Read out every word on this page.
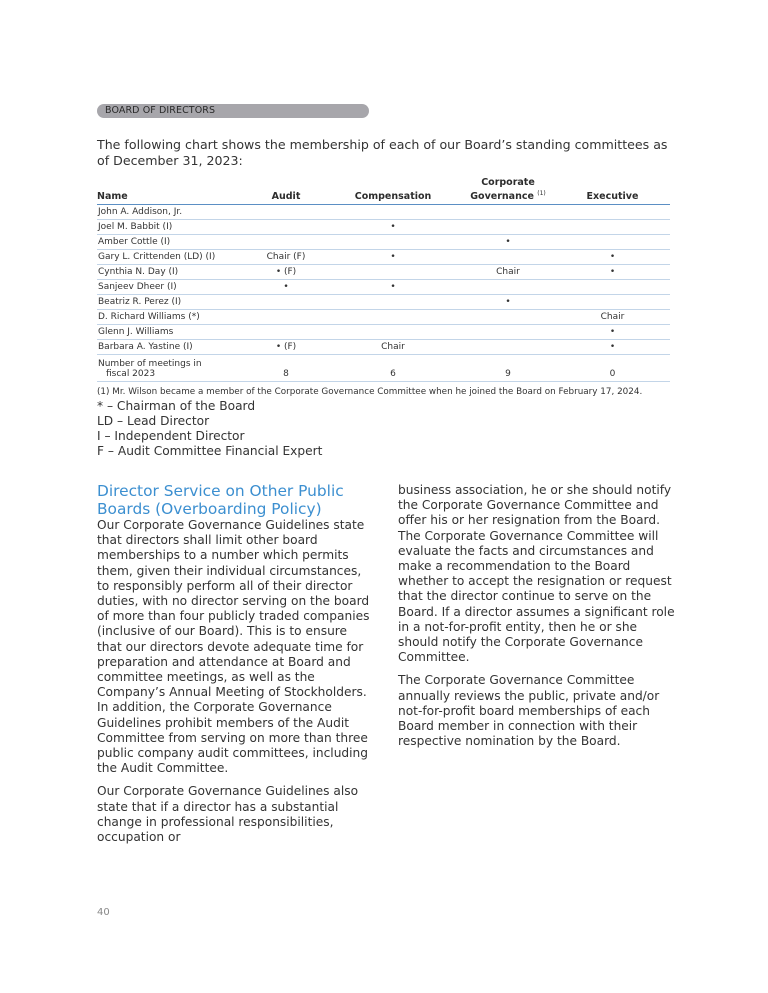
BOARD OF DIRECTORS
The following chart shows the membership of each of our Board’s standing committees as of December 31, 2023:
Name	Audit	Compensation	Corporate
Governance $^{(1)}$	Executive
John A. Addison, Jr.				
Joel M. Babbit (I)		•		
Amber Cottle (I)			•	
Gary L. Crittenden (LD) (I)	Chair (F)	•		•
Cynthia N. Day (I)	• (F)		Chair	•
Sanjeev Dheer (I)	•	•		
Beatriz R. Perez (I)			•	
D. Richard Williams (*)				Chair
Glenn J. Williams				•
Barbara A. Yastine (I)	• (F)	Chair		•
Number of meetings in
fiscal 2023	8	6	9	0
(1) Mr. Wilson became a member of the Corporate Governance Committee when he joined the Board on February 17, 2024.
* – Chairman of the Board
LD – Lead Director
I – Independent Director
F – Audit Committee Financial Expert
Director Service on Other Public Boards (Overboarding Policy)

Our Corporate Governance Guidelines state that directors shall limit other board memberships to a number which permits them, given their individual circumstances, to responsibly perform all of their director duties, with no director serving on the board of more than four publicly traded companies (inclusive of our Board). This is to ensure that our directors devote adequate time for preparation and attendance at Board and committee meetings, as well as the Company’s Annual Meeting of Stockholders. In addition, the Corporate Governance Guidelines prohibit members of the Audit Committee from serving on more than three public company audit committees, including the Audit Committee.

Our Corporate Governance Guidelines also state that if a director has a substantial change in professional responsibilities, occupation or

business association, he or she should notify the Corporate Governance Committee and offer his or her resignation from the Board. The Corporate Governance Committee will evaluate the facts and circumstances and make a recommendation to the Board whether to accept the resignation or request that the director continue to serve on the Board. If a director assumes a significant role in a not-for-profit entity, then he or she should notify the Corporate Governance Committee.

The Corporate Governance Committee annually reviews the public, private and/or not-for-profit board memberships of each Board member in connection with their respective nomination by the Board.

40
